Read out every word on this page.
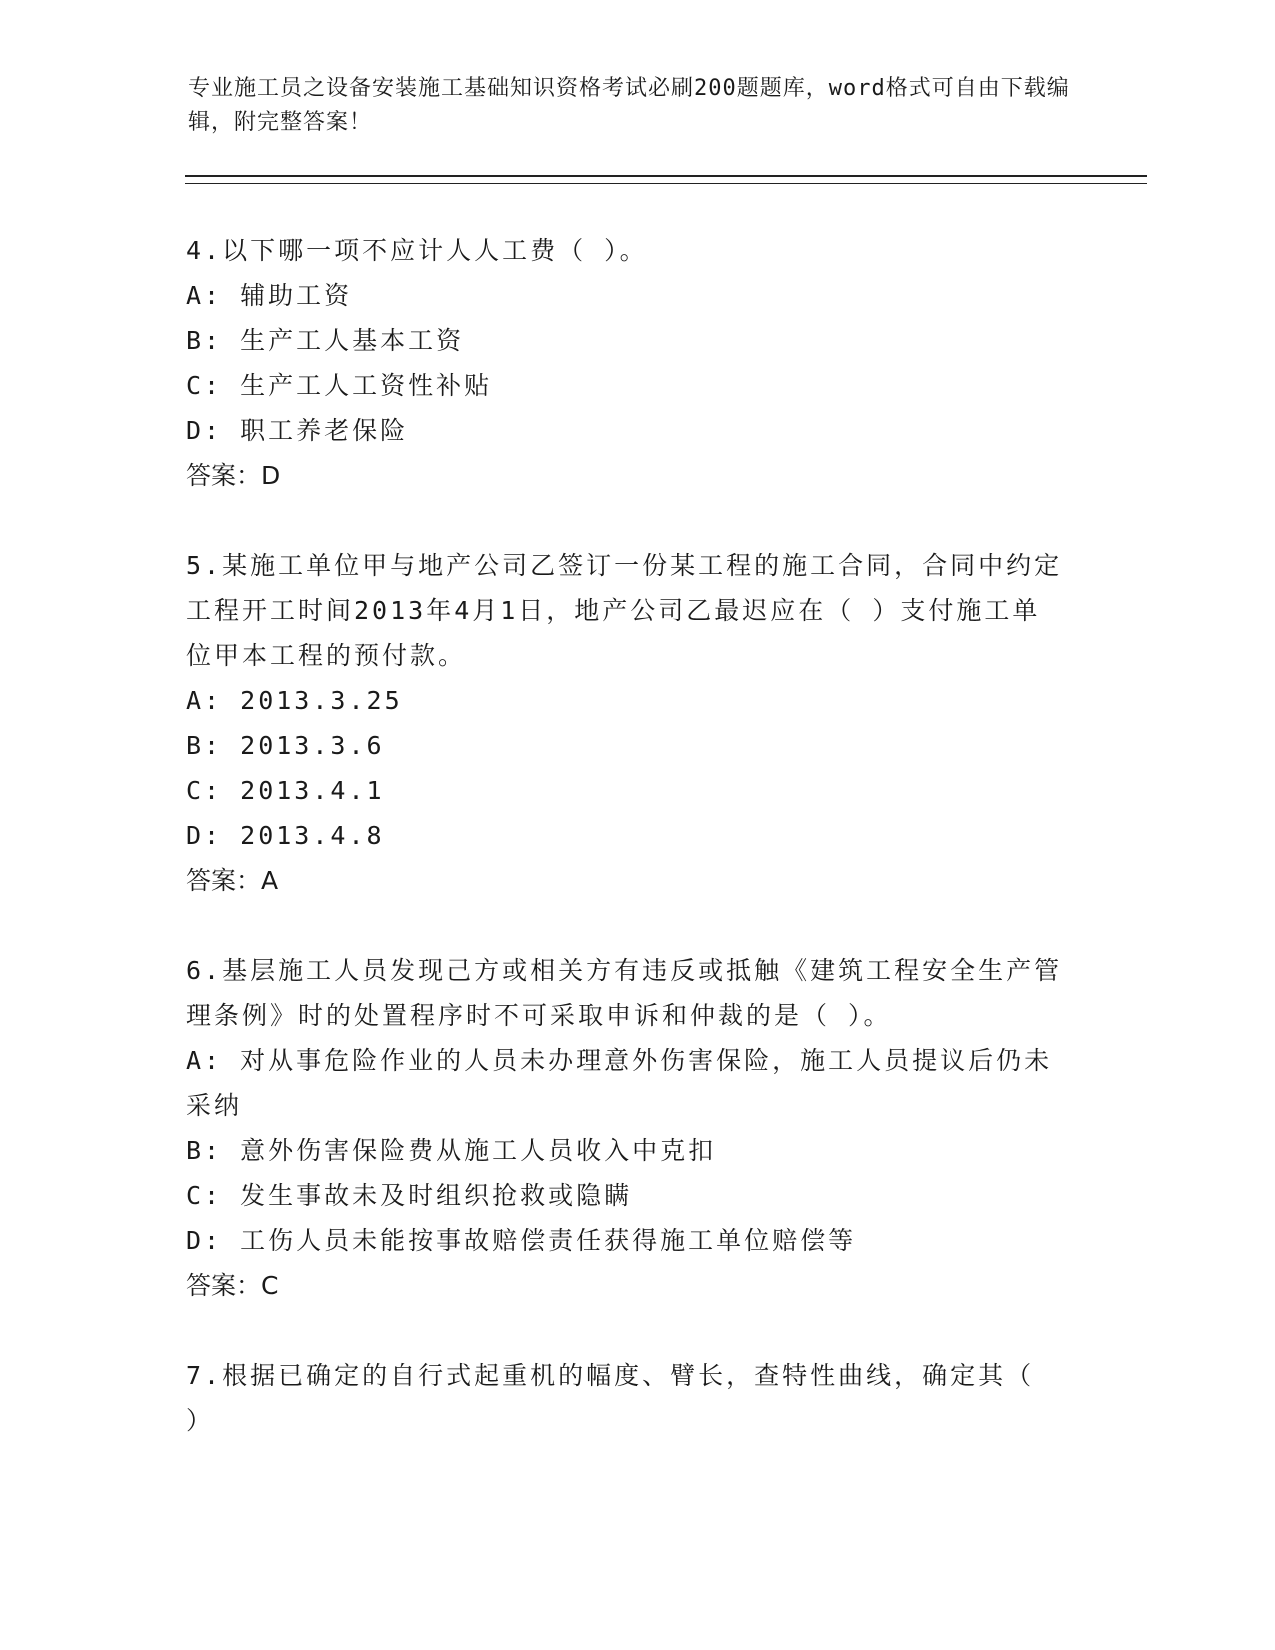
专业施工员之设备安装施工基础知识资格考试必刷200题题库，word格式可自由下载编辑，附完整答案！
4.以下哪一项不应计人人工费（ ）。
A: 辅助工资
B: 生产工人基本工资
C: 生产工人工资性补贴
D: 职工养老保险
答案：D
5.某施工单位甲与地产公司乙签订一份某工程的施工合同，合同中约定工程开工时间2013年4月1日，地产公司乙最迟应在（ ）支付施工单位甲本工程的预付款。
A: 2013.3.25
B: 2013.3.6
C: 2013.4.1
D: 2013.4.8
答案：A
6.基层施工人员发现己方或相关方有违反或抵触《建筑工程安全生产管理条例》时的处置程序时不可采取申诉和仲裁的是（ ）。
A: 对从事危险作业的人员未办理意外伤害保险，施工人员提议后仍未采纳
B: 意外伤害保险费从施工人员收入中克扣
C: 发生事故未及时组织抢救或隐瞒
D: 工伤人员未能按事故赔偿责任获得施工单位赔偿等
答案：C
7.根据已确定的自行式起重机的幅度、臂长，查特性曲线，确定其（ ）
